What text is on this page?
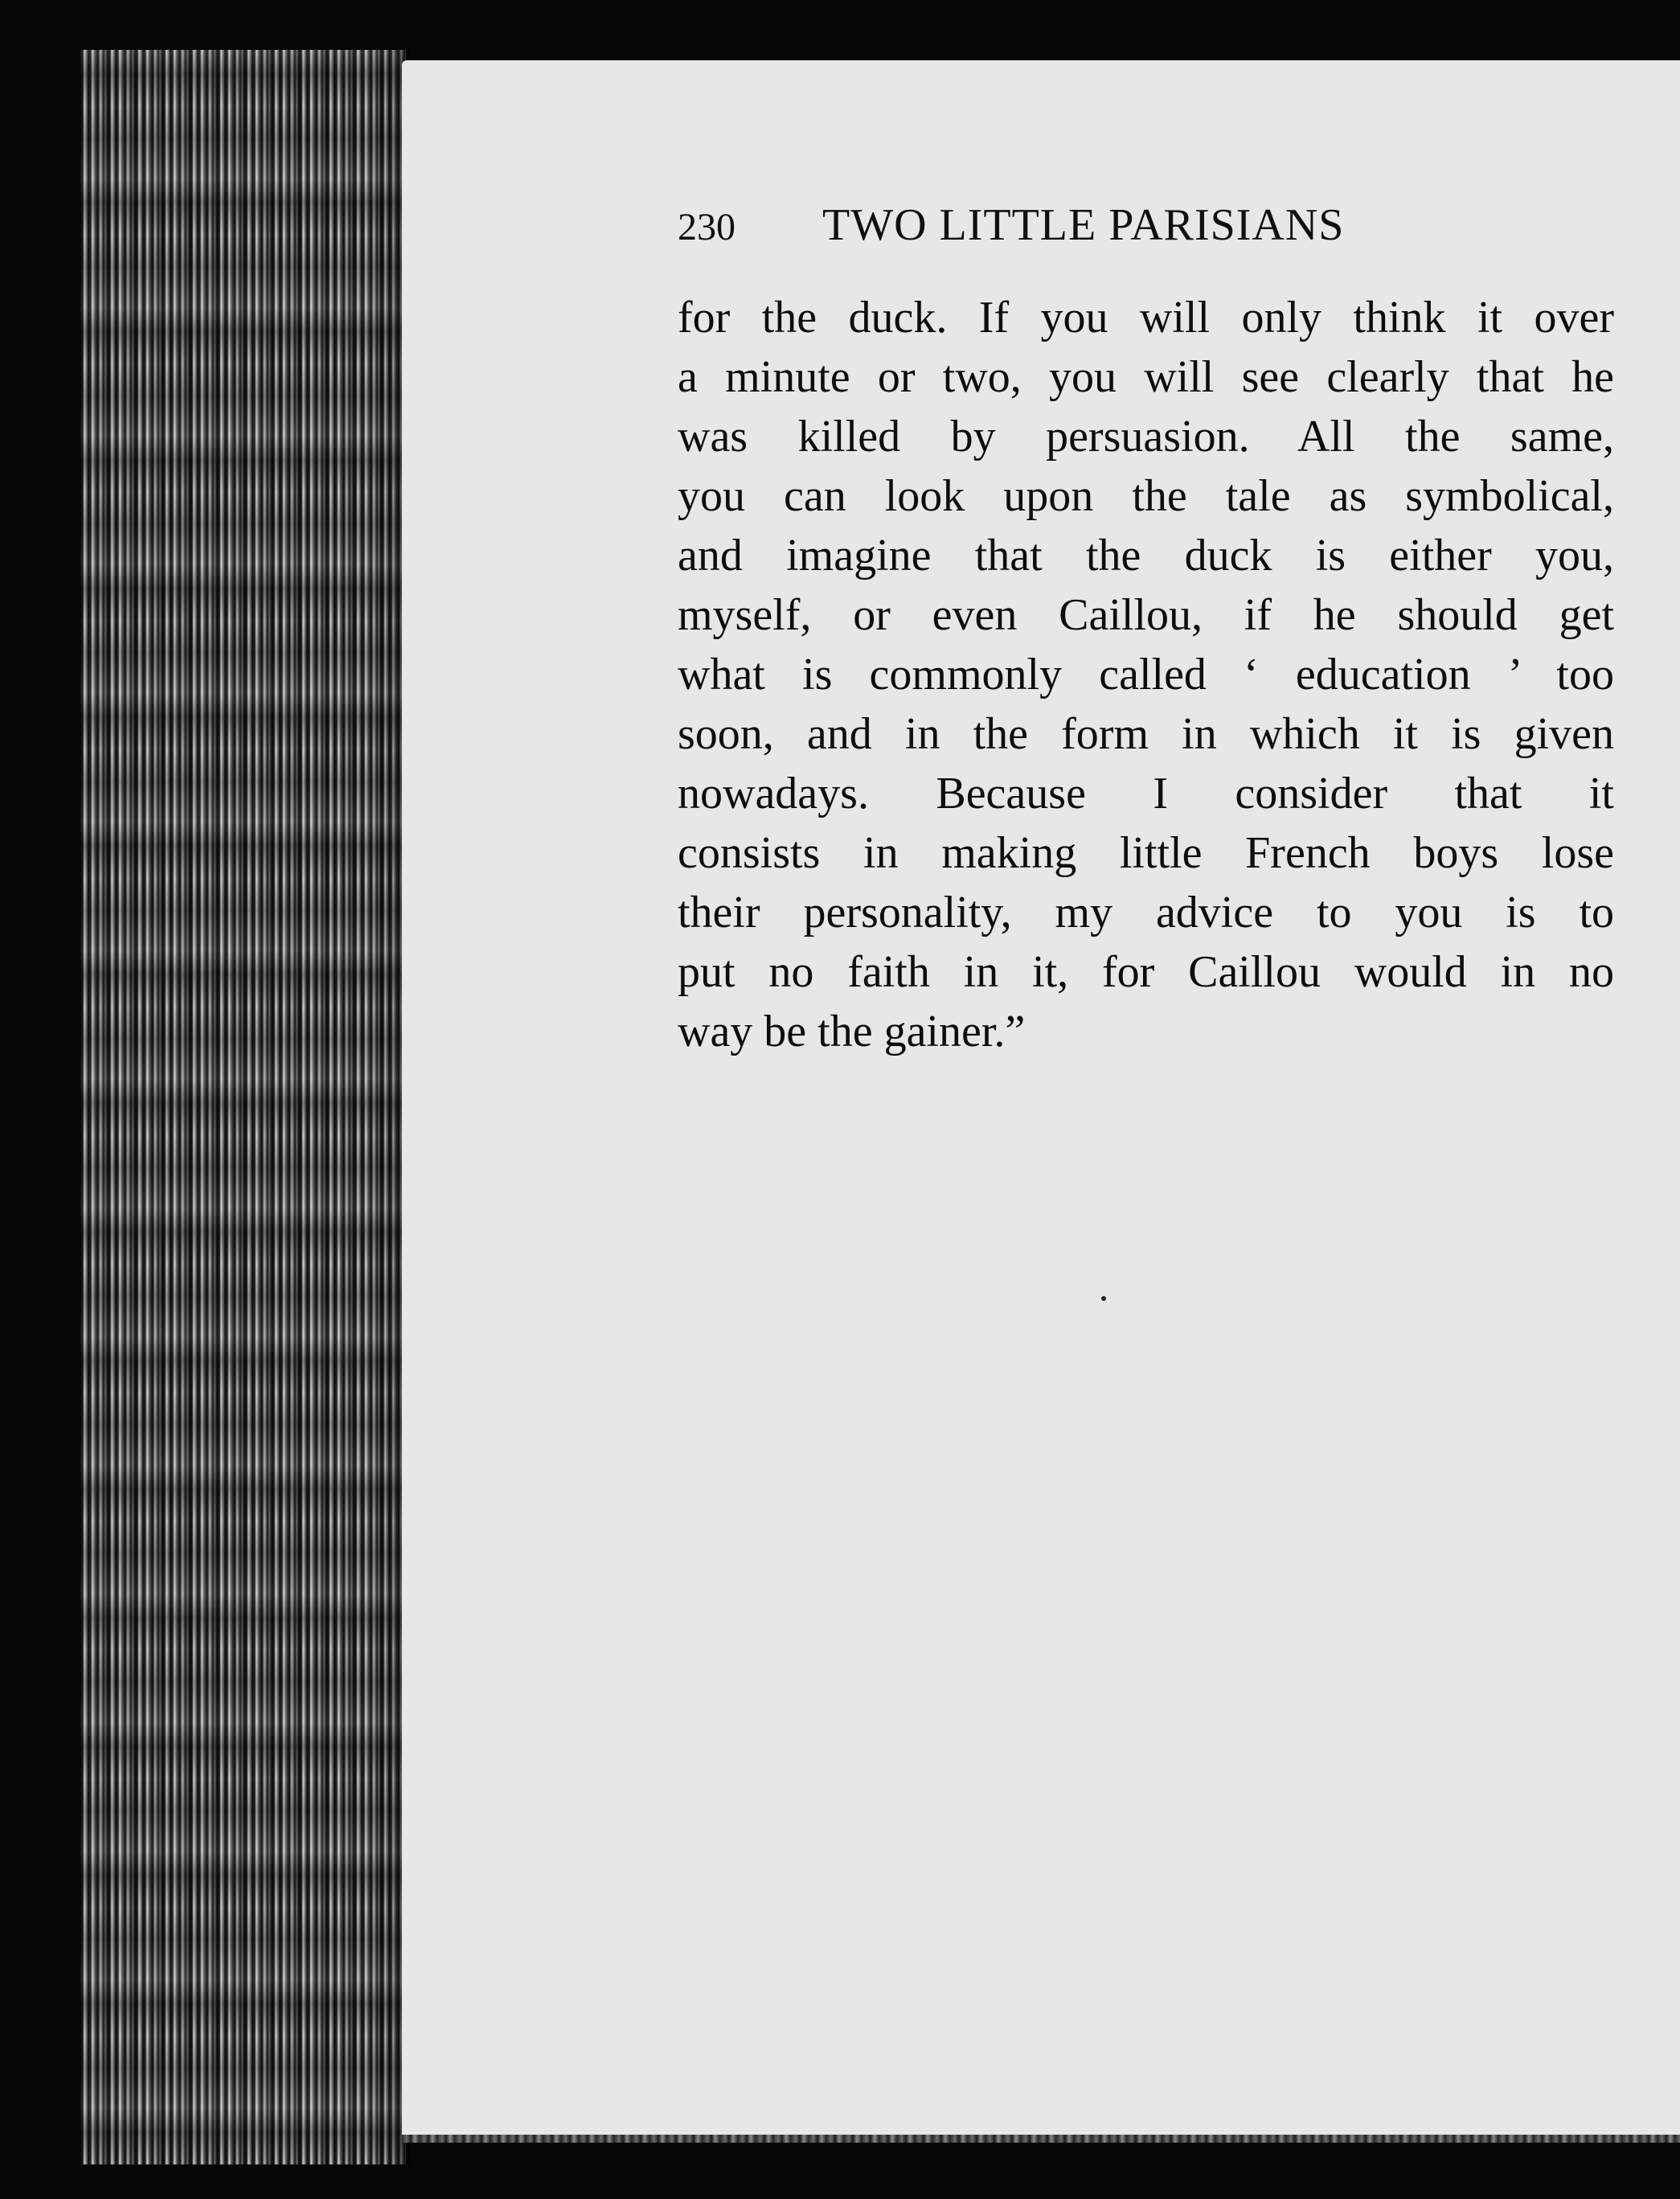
230 TWO LITTLE PARISIANS
for the duck. If you will only think it over
a minute or two, you will see clearly that he
was killed by persuasion. All the same,
you can look upon the tale as symbolical,
and imagine that the duck is either you,
myself, or even Caillou, if he should get
what is commonly called ‘ education ’ too
soon, and in the form in which it is given
nowadays. Because I consider that it
consists in making little French boys lose
their personality, my advice to you is to
put no faith in it, for Caillou would in no
way be the gainer.”
